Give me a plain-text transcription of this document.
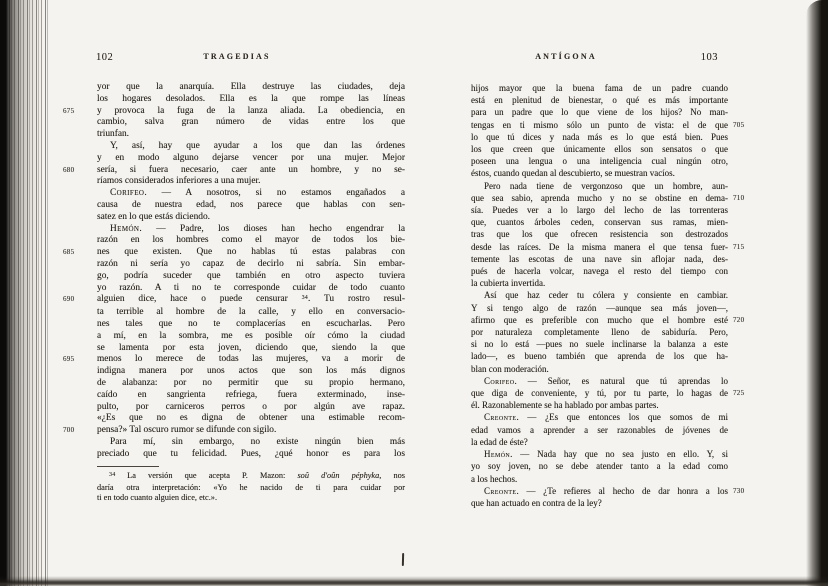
102	TRAGEDIAS
yor que la anarquía. Ella destruye las ciudades, deja
los hogares desolados. Ella es la que rompe las líneas
675	y provoca la fuga de la lanza aliada. La obediencia, en
cambio, salva gran número de vidas entre los que
triunfan.
Y, así, hay que ayudar a los que dan las órdenes
y en modo alguno dejarse vencer por una mujer. Mejor
680	sería, si fuera necesario, caer ante un hombre, y no se-
ríamos considerados inferiores a una mujer.
Corifeo. — A nosotros, si no estamos engañados a
causa de nuestra edad, nos parece que hablas con sen-
satez en lo que estás diciendo.
Hemón. — Padre, los dioses han hecho engendrar la
razón en los hombres como el mayor de todos los bie-
685	nes que existen. Que no hablas tú estas palabras con
razón ni sería yo capaz de decirlo ni sabría. Sin embar-
go, podría suceder que también en otro aspecto tuviera
yo razón. A ti no te corresponde cuidar de todo cuanto
690	alguien dice, hace o puede censurar $^{34}$. Tu rostro resul-
ta terrible al hombre de la calle, y ello en conversacio-
nes tales que no te complacerías en escucharlas. Pero
a mí, en la sombra, me es posible oír cómo la ciudad
se lamenta por esta joven, diciendo que, siendo la que
695	menos lo merece de todas las mujeres, va a morir de
indigna manera por unos actos que son los más dignos
de alabanza: por no permitir que su propio hermano,
caído en sangrienta refriega, fuera exterminado, inse-
pulto, por carniceros perros o por algún ave rapaz.
«¿Es que no es digna de obtener una estimable recom-
700	pensa?» Tal oscuro rumor se difunde con sigilo.
Para mí, sin embargo, no existe ningún bien más
preciado que tu felicidad. Pues, ¿qué honor es para los
$^{34}$ La versión que acepta P. Mazon: soû d'oûn péphyka, nos
daría otra interpretación: «Yo he nacido de ti para cuidar por
ti en todo cuanto alguien dice, etc.».
ANTÍGONA	103
hijos mayor que la buena fama de un padre cuando
está en plenitud de bienestar, o qué es más importante
para un padre que lo que viene de los hijos? No man-
705
tengas en ti mismo sólo un punto de vista: el de que
lo que tú dices y nada más es lo que está bien. Pues
los que creen que únicamente ellos son sensatos o que
poseen una lengua o una inteligencia cual ningún otro,
éstos, cuando quedan al descubierto, se muestran vacíos.
Pero nada tiene de vergonzoso que un hombre, aun-
710
que sea sabio, aprenda mucho y no se obstine en dema-
sía. Puedes ver a lo largo del lecho de las torrenteras
que, cuantos árboles ceden, conservan sus ramas, mien-
tras que los que ofrecen resistencia son destrozados
715
desde las raíces. De la misma manera el que tensa fuer-
temente las escotas de una nave sin aflojar nada, des-
pués de hacerla volcar, navega el resto del tiempo con
la cubierta invertida.
Así que haz ceder tu cólera y consiente en cambiar.
Y si tengo algo de razón —aunque sea más joven—,
720
afirmo que es preferible con mucho que el hombre esté
por naturaleza completamente lleno de sabiduría. Pero,
si no lo está —pues no suele inclinarse la balanza a este
lado—, es bueno también que aprenda de los que ha-
blan con moderación.
Corifeo. — Señor, es natural que tú aprendas lo
725
que diga de conveniente, y tú, por tu parte, lo hagas de
él. Razonablemente se ha hablado por ambas partes.
Creonte. — ¿Es que entonces los que somos de mi
edad vamos a aprender a ser razonables de jóvenes de
la edad de éste?
Hemón. — Nada hay que no sea justo en ello. Y, si
yo soy joven, no se debe atender tanto a la edad como
a los hechos.
730
Creonte. — ¿Te refieres al hecho de dar honra a los
que han actuado en contra de la ley?
